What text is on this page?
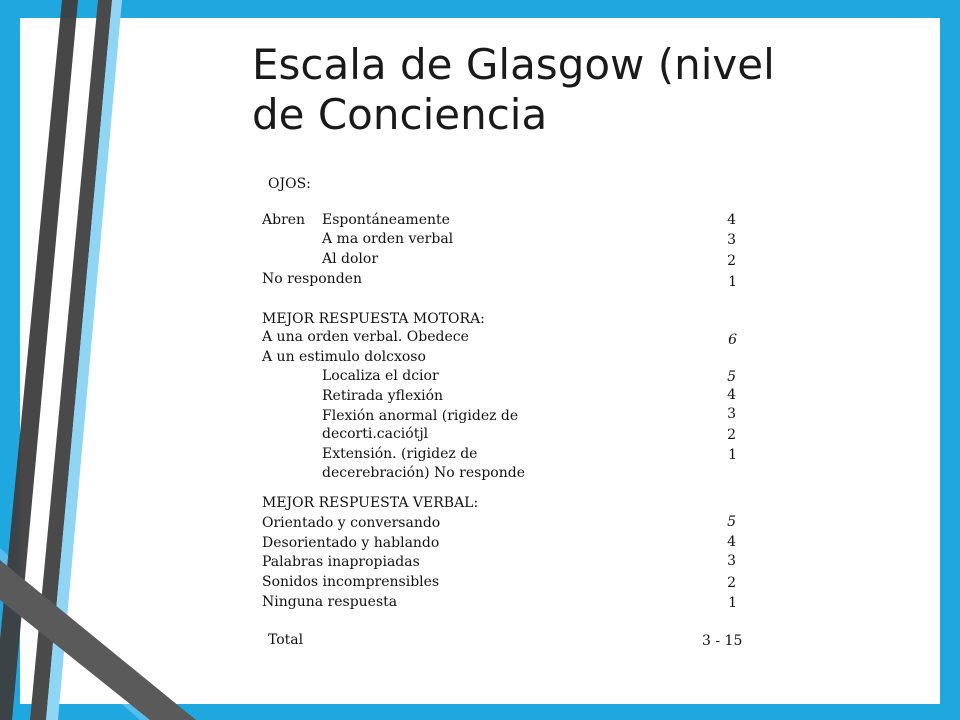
Escala de Glasgow (nivel
de Conciencia
OJOS:
Abren Espontáneamente	4
A ma orden verbal	3
Al dolor	2
No responden	1
MEJOR RESPUESTA MOTORA:
A una orden verbal. Obedece	6
A un estimulo dolcxoso
Localiza el dcior	5
Retirada yflexión	4
Flexión anormal (rigidez de	3
decorti.caciótjl	2
Extensión. (rigidez de	1
decerebración) No responde
MEJOR RESPUESTA VERBAL:
Orientado y conversando	5
Desorientado y hablando	4
Palabras inapropiadas	3
Sonidos incomprensibles	2
Ninguna respuesta	1
Total	3 - 15
